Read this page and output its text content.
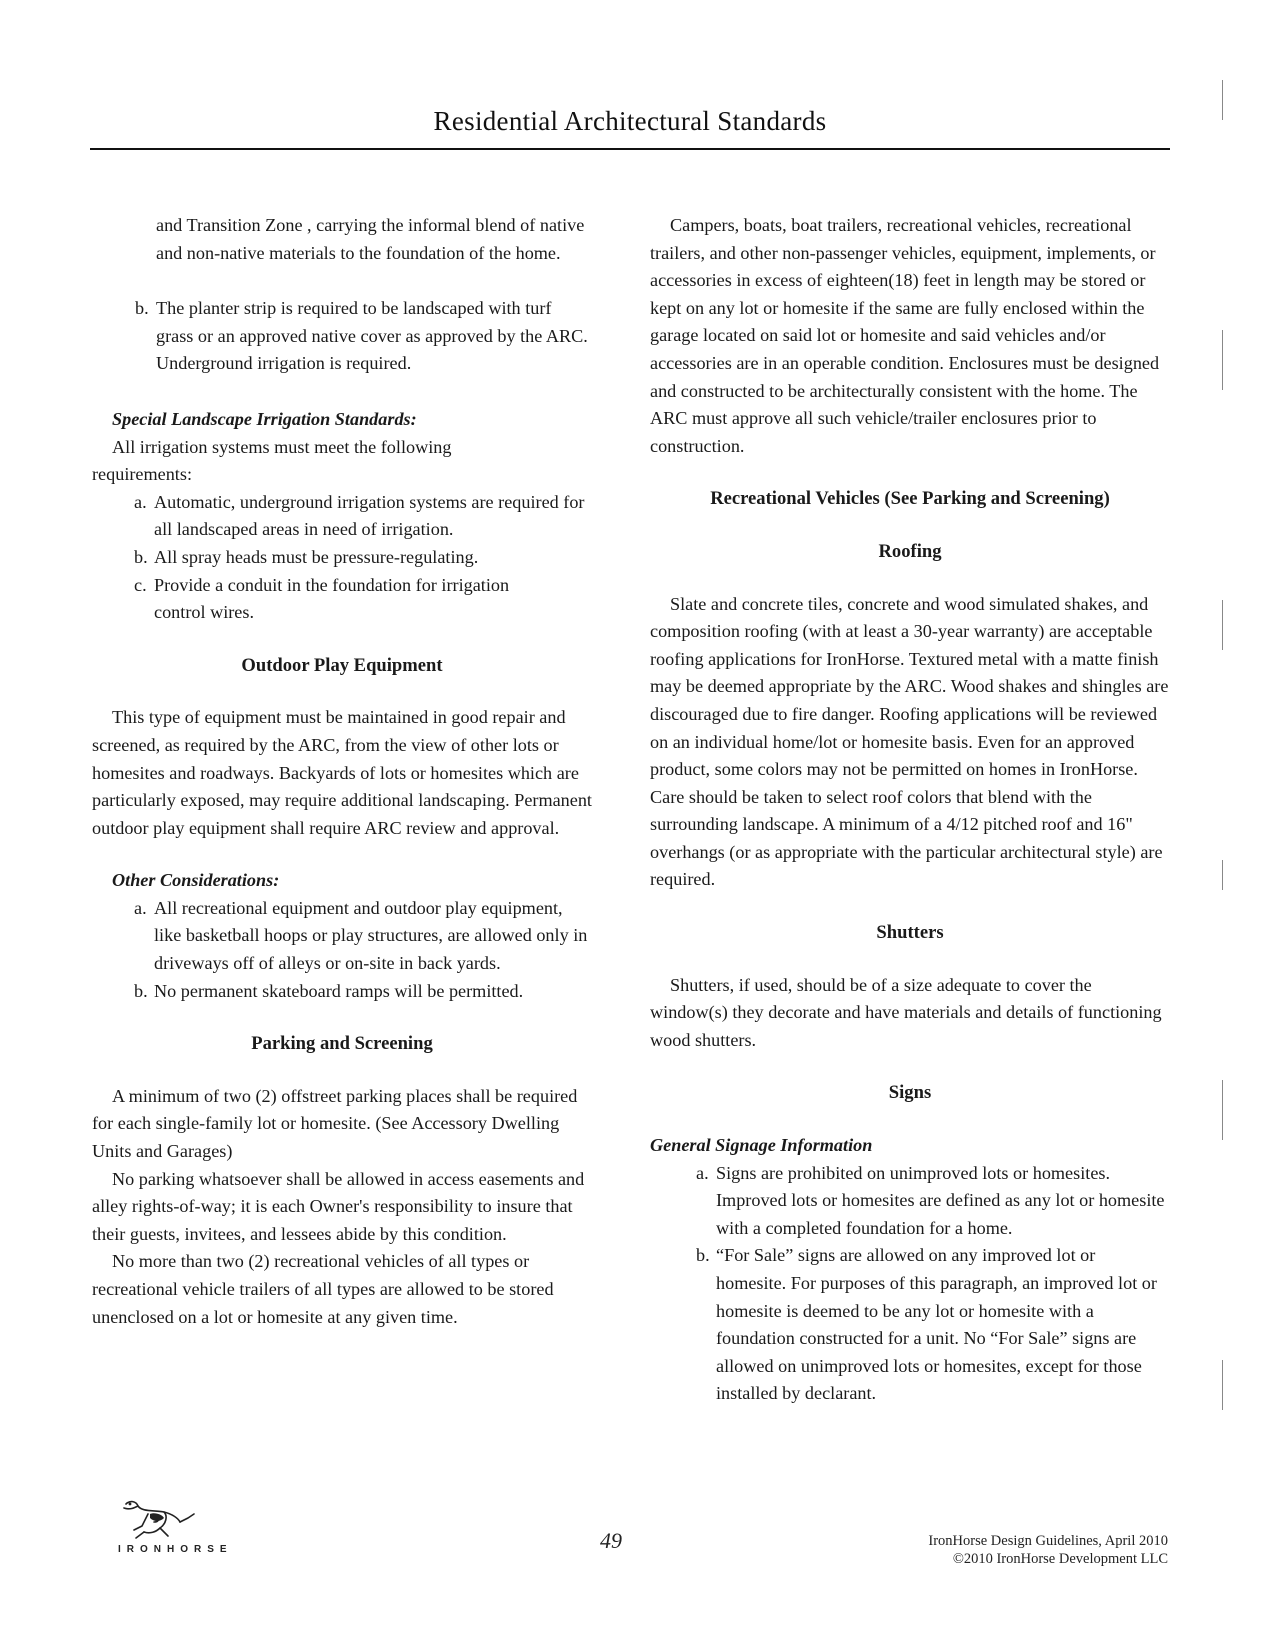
Residential Architectural Standards

and Transition Zone , carrying the informal blend of native and non-native materials to the foundation of the home.

b. The planter strip is required to be landscaped with turf grass or an approved native cover as approved by the ARC. Underground irrigation is required.

Special Landscape Irrigation Standards:

All irrigation systems must meet the following requirements:

a. Automatic, underground irrigation systems are required for all landscaped areas in need of irrigation.
b. All spray heads must be pressure-regulating.
c. Provide a conduit in the foundation for irrigation control wires.

Outdoor Play Equipment

This type of equipment must be maintained in good repair and screened, as required by the ARC, from the view of other lots or homesites and roadways. Backyards of lots or homesites which are particularly exposed, may require additional landscaping. Permanent outdoor play equipment shall require ARC review and approval.

Other Considerations:

a. All recreational equipment and outdoor play equipment, like basketball hoops or play structures, are allowed only in driveways off of alleys or on-site in back yards.
b. No permanent skateboard ramps will be permitted.

Parking and Screening

A minimum of two (2) offstreet parking places shall be required for each single-family lot or homesite. (See Accessory Dwelling Units and Garages)

No parking whatsoever shall be allowed in access easements and alley rights-of-way; it is each Owner's responsibility to insure that their guests, invitees, and lessees abide by this condition.

No more than two (2) recreational vehicles of all types or recreational vehicle trailers of all types are allowed to be stored unenclosed on a lot or homesite at any given time.

Campers, boats, boat trailers, recreational vehicles, recreational trailers, and other non-passenger vehicles, equipment, implements, or accessories in excess of eighteen(18) feet in length may be stored or kept on any lot or homesite if the same are fully enclosed within the garage located on said lot or homesite and said vehicles and/or accessories are in an operable condition. Enclosures must be designed and constructed to be architecturally consistent with the home. The ARC must approve all such vehicle/trailer enclosures prior to construction.

Recreational Vehicles (See Parking and Screening)

Roofing

Slate and concrete tiles, concrete and wood simulated shakes, and composition roofing (with at least a 30-year warranty) are acceptable roofing applications for IronHorse. Textured metal with a matte finish may be deemed appropriate by the ARC. Wood shakes and shingles are discouraged due to fire danger. Roofing applications will be reviewed on an individual home/lot or homesite basis. Even for an approved product, some colors may not be permitted on homes in IronHorse. Care should be taken to select roof colors that blend with the surrounding landscape. A minimum of a 4/12 pitched roof and 16" overhangs (or as appropriate with the particular architectural style) are required.

Shutters

Shutters, if used, should be of a size adequate to cover the window(s) they decorate and have materials and details of functioning wood shutters.

Signs

General Signage Information

a. Signs are prohibited on unimproved lots or homesites. Improved lots or homesites are defined as any lot or homesite with a completed foundation for a home.
b. “For Sale” signs are allowed on any improved lot or homesite. For purposes of this paragraph, an improved lot or homesite is deemed to be any lot or homesite with a foundation constructed for a unit. No “For Sale” signs are allowed on unimproved lots or homesites, except for those installed by declarant.
IRONHORSE	49	IronHorse Design Guidelines, April 2010
©2010 IronHorse Development LLC
